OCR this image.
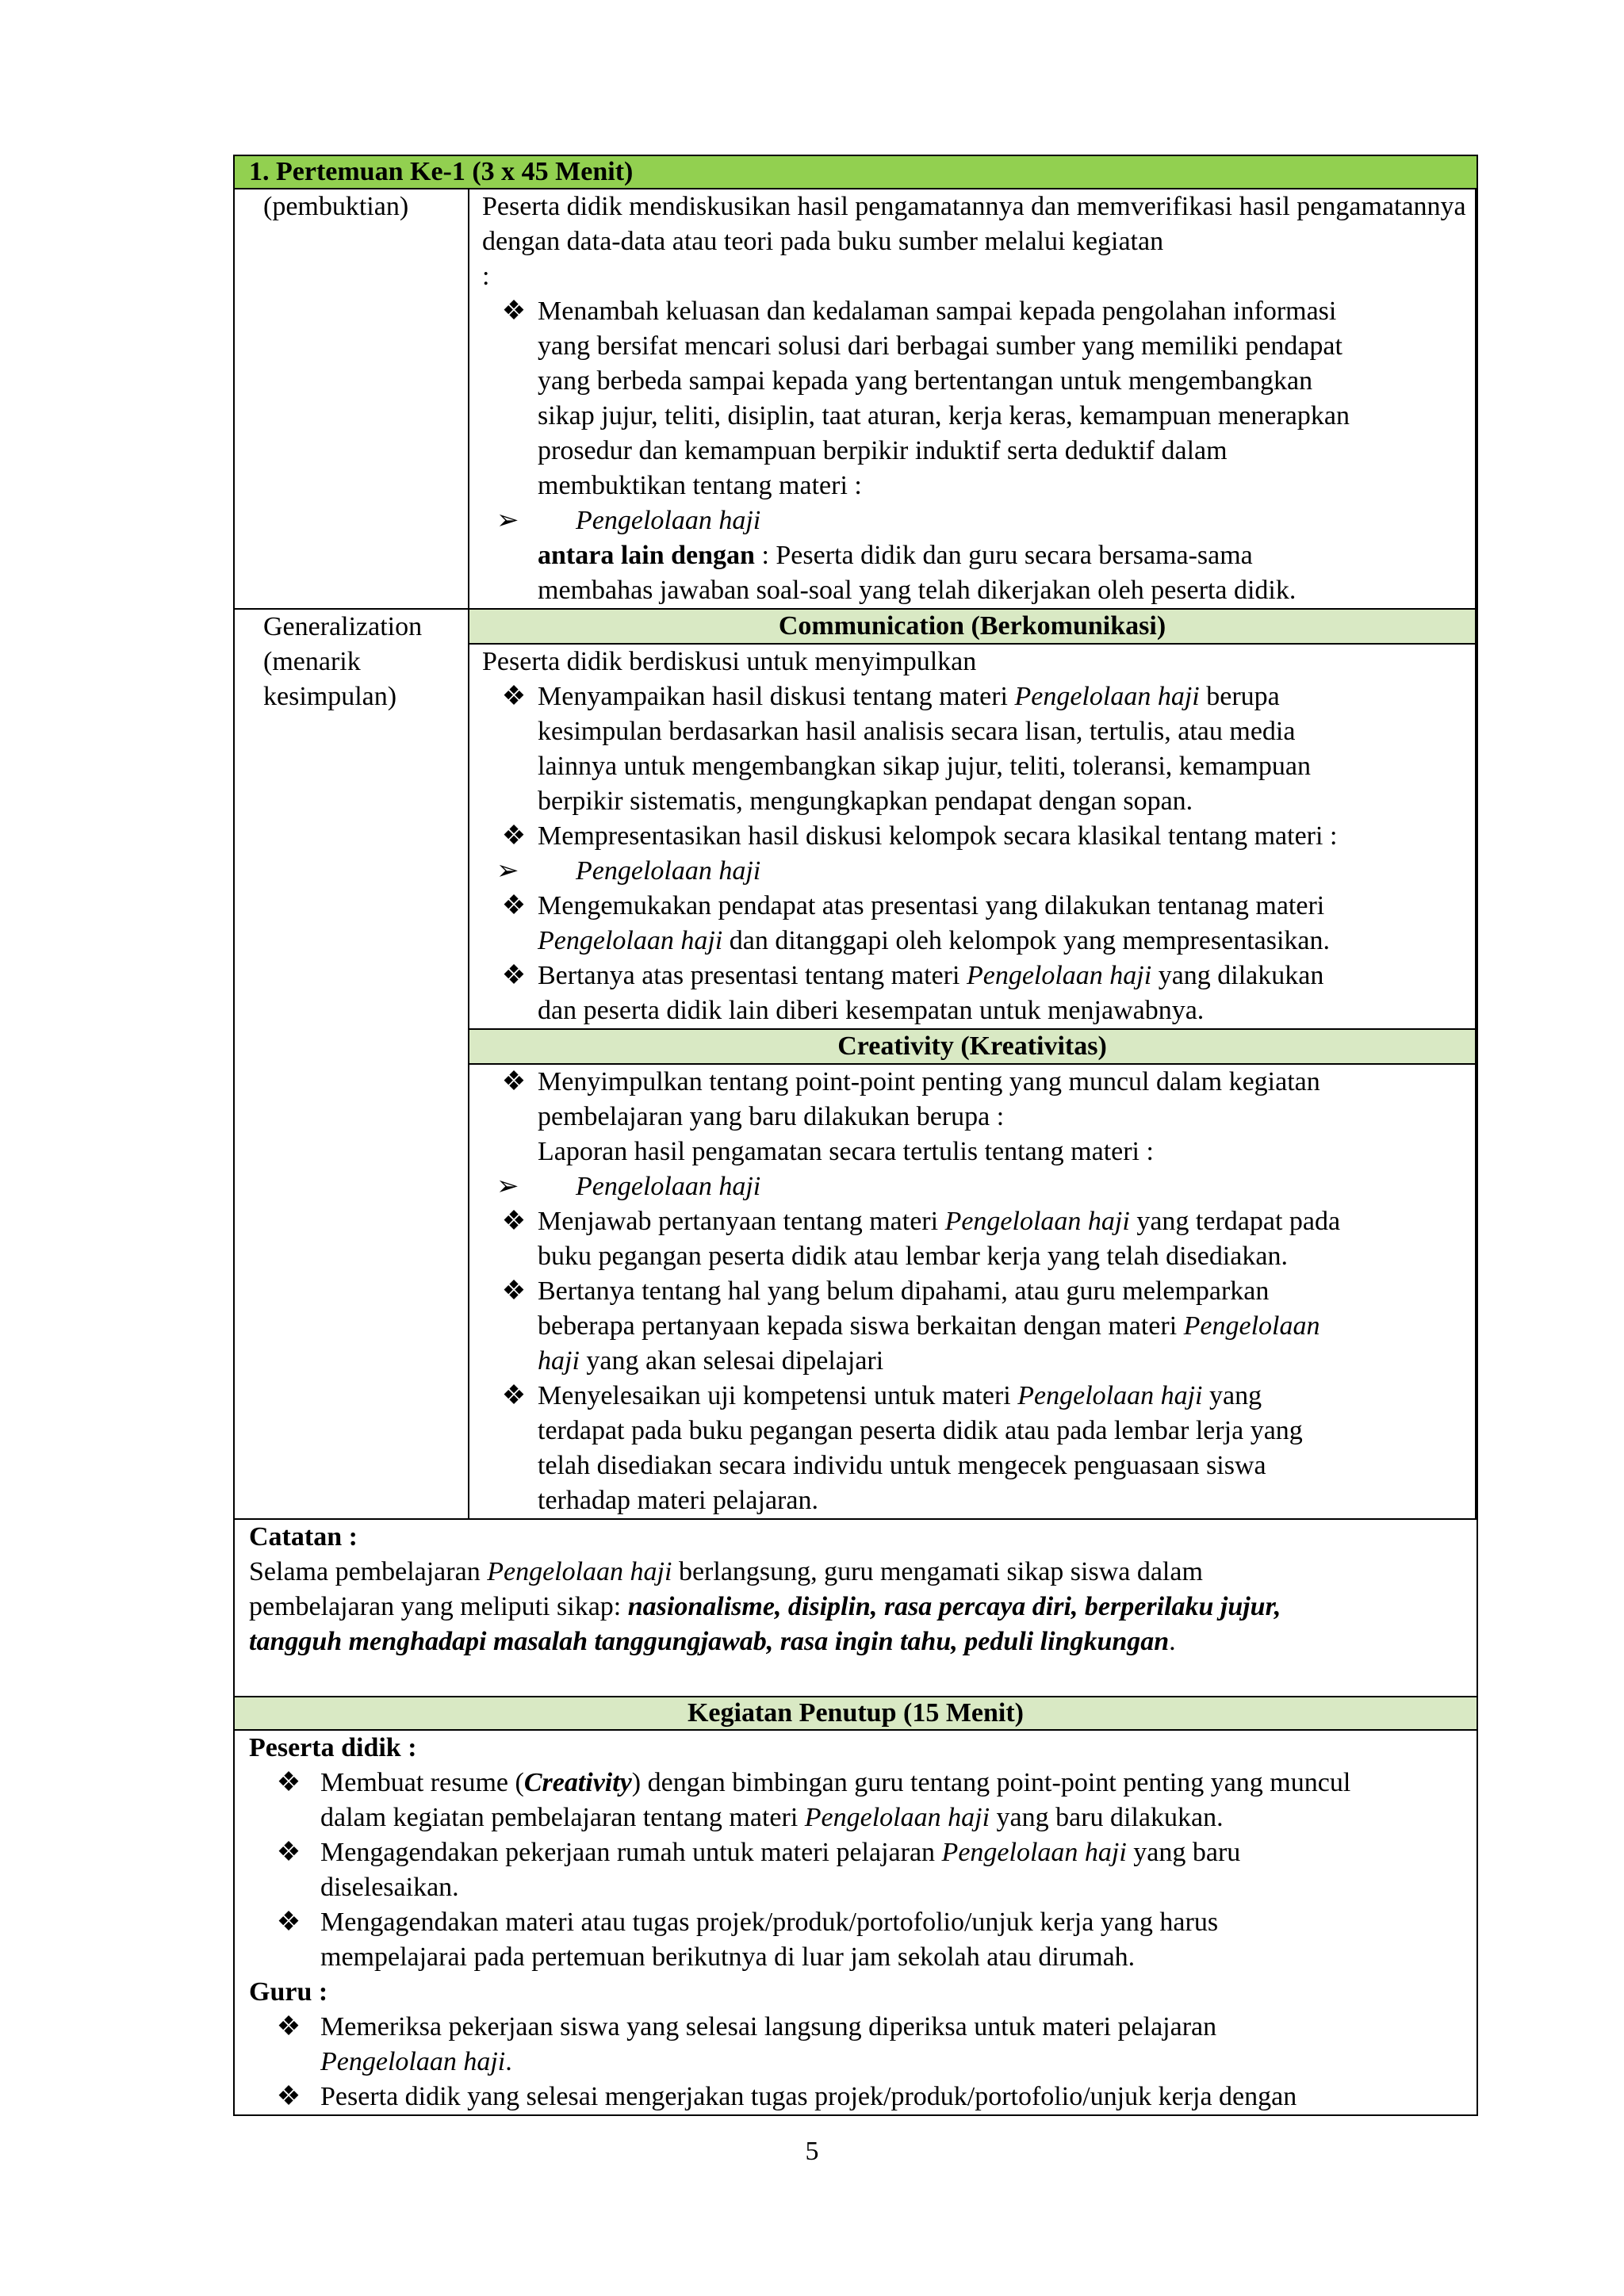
1. Pertemuan Ke-1 (3 x 45 Menit)
(pembuktian)	Peserta didik mendiskusikan hasil pengamatannya dan memverifikasi hasil pengamatannya dengan data-data atau teori pada buku sumber melalui kegiatan
:
❖ Menambah keluasan dan kedalaman sampai kepada pengolahan informasi
yang bersifat mencari solusi dari berbagai sumber yang memiliki pendapat
yang berbeda sampai kepada yang bertentangan untuk mengembangkan
sikap jujur, teliti, disiplin, taat aturan, kerja keras, kemampuan menerapkan
prosedur dan kemampuan berpikir induktif serta deduktif dalam
membuktikan tentang materi :
➢ Pengelolaan haji
antara lain dengan : Peserta didik dan guru secara bersama-sama
membahas jawaban soal-soal yang telah dikerjakan oleh peserta didik.
Generalization
(menarik
kesimpulan)
Communication (Berkomunikasi)
Peserta didik berdiskusi untuk menyimpulkan
❖ Menyampaikan hasil diskusi tentang materi Pengelolaan haji berupa
kesimpulan berdasarkan hasil analisis secara lisan, tertulis, atau media
lainnya untuk mengembangkan sikap jujur, teliti, toleransi, kemampuan
berpikir sistematis, mengungkapkan pendapat dengan sopan.
❖ Mempresentasikan hasil diskusi kelompok secara klasikal tentang materi :
➢ Pengelolaan haji
❖ Mengemukakan pendapat atas presentasi yang dilakukan tentanag materi
Pengelolaan haji dan ditanggapi oleh kelompok yang mempresentasikan.
❖ Bertanya atas presentasi tentang materi Pengelolaan haji yang dilakukan
dan peserta didik lain diberi kesempatan untuk menjawabnya.
Creativity (Kreativitas)
❖ Menyimpulkan tentang point-point penting yang muncul dalam kegiatan
pembelajaran yang baru dilakukan berupa :
Laporan hasil pengamatan secara tertulis tentang materi :
➢ Pengelolaan haji
❖ Menjawab pertanyaan tentang materi Pengelolaan haji yang terdapat pada
buku pegangan peserta didik atau lembar kerja yang telah disediakan.
❖ Bertanya tentang hal yang belum dipahami, atau guru melemparkan
beberapa pertanyaan kepada siswa berkaitan dengan materi Pengelolaan
haji yang akan selesai dipelajari
❖ Menyelesaikan uji kompetensi untuk materi Pengelolaan haji yang
terdapat pada buku pegangan peserta didik atau pada lembar lerja yang
telah disediakan secara individu untuk mengecek penguasaan siswa
terhadap materi pelajaran.
Catatan :
Selama pembelajaran Pengelolaan haji berlangsung, guru mengamati sikap siswa dalam
pembelajaran yang meliputi sikap: nasionalisme, disiplin, rasa percaya diri, berperilaku jujur,
tangguh menghadapi masalah tanggungjawab, rasa ingin tahu, peduli lingkungan.
Kegiatan Penutup (15 Menit)
Peserta didik :
❖ Membuat resume (Creativity) dengan bimbingan guru tentang point-point penting yang muncul
dalam kegiatan pembelajaran tentang materi Pengelolaan haji yang baru dilakukan.
❖ Mengagendakan pekerjaan rumah untuk materi pelajaran Pengelolaan haji yang baru
diselesaikan.
❖ Mengagendakan materi atau tugas projek/produk/portofolio/unjuk kerja yang harus
mempelajarai pada pertemuan berikutnya di luar jam sekolah atau dirumah.
Guru :
❖ Memeriksa pekerjaan siswa yang selesai langsung diperiksa untuk materi pelajaran
Pengelolaan haji.
❖ Peserta didik yang selesai mengerjakan tugas projek/produk/portofolio/unjuk kerja dengan
5
